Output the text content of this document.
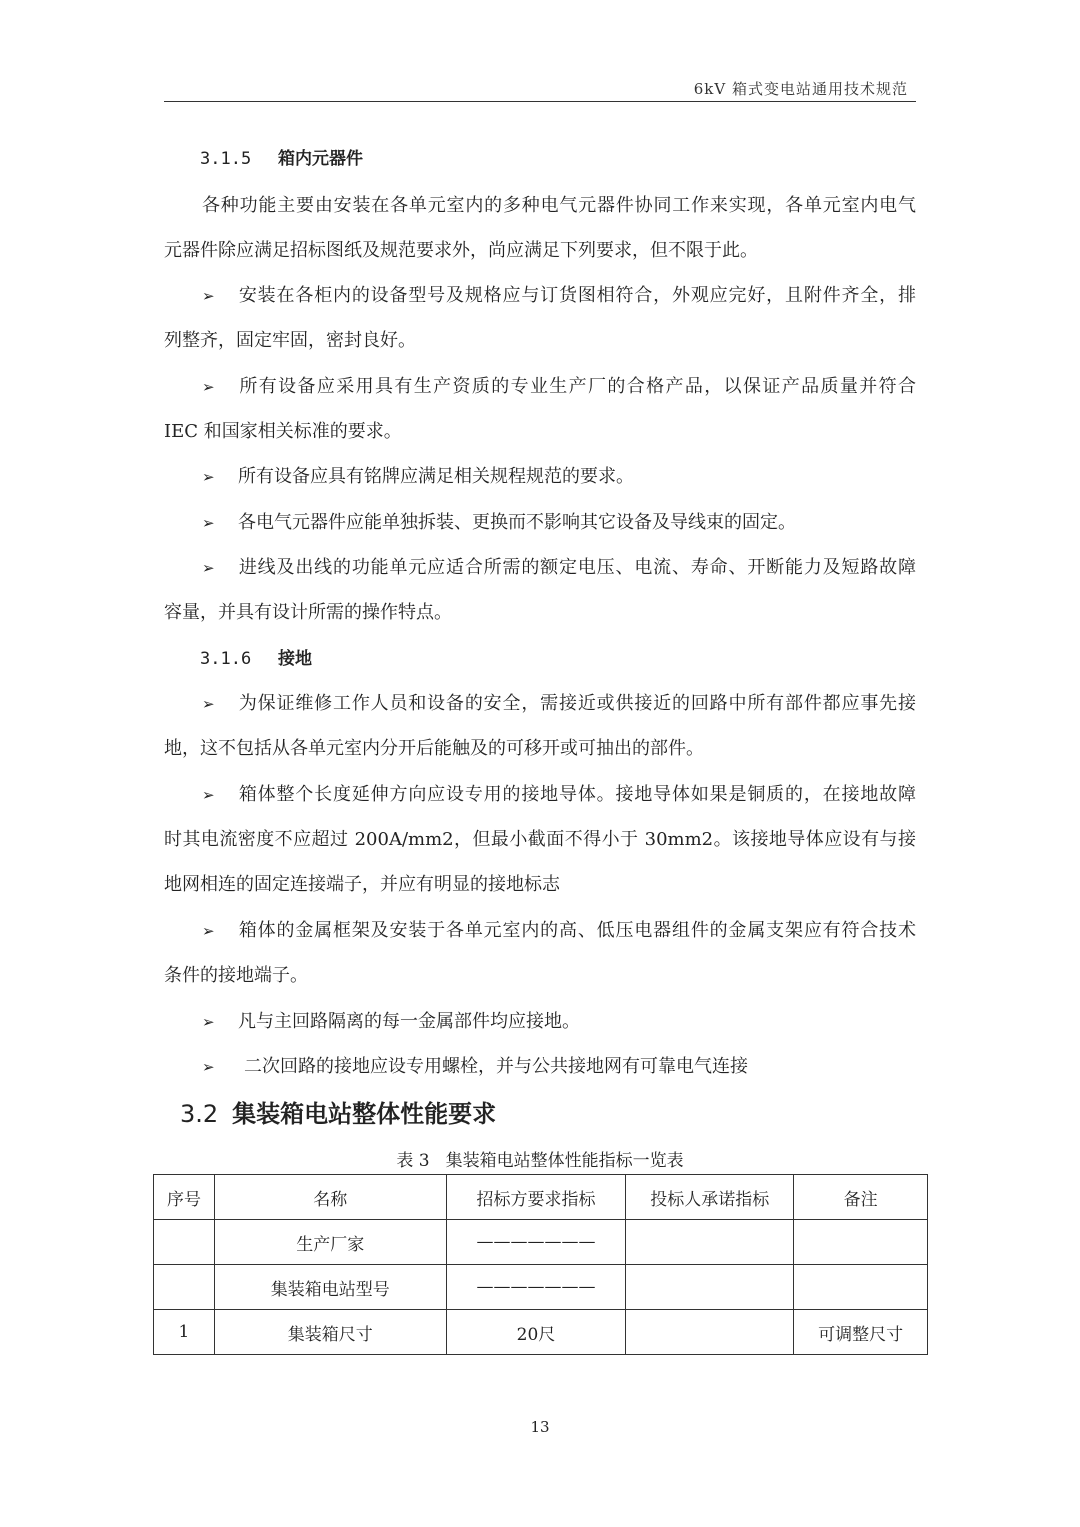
6kV 箱式变电站通用技术规范
3.1.5 箱内元器件
各种功能主要由安装在各单元室内的多种电气元器件协同工作来实现，各单元室内电气
元器件除应满足招标图纸及规范要求外，尚应满足下列要求，但不限于此。
➢ 安装在各柜内的设备型号及规格应与订货图相符合，外观应完好，且附件齐全，排
列整齐，固定牢固，密封良好。
➢ 所有设备应采用具有生产资质的专业生产厂的合格产品，以保证产品质量并符合
IEC 和国家相关标准的要求。
➢ 所有设备应具有铭牌应满足相关规程规范的要求。
➢ 各电气元器件应能单独拆装、更换而不影响其它设备及导线束的固定。
➢ 进线及出线的功能单元应适合所需的额定电压、电流、寿命、开断能力及短路故障
容量，并具有设计所需的操作特点。
3.1.6 接地
➢ 为保证维修工作人员和设备的安全，需接近或供接近的回路中所有部件都应事先接
地，这不包括从各单元室内分开后能触及的可移开或可抽出的部件。
➢ 箱体整个长度延伸方向应设专用的接地导体。接地导体如果是铜质的，在接地故障
时其电流密度不应超过 200A/mm2，但最小截面不得小于 30mm2。该接地导体应设有与接
地网相连的固定连接端子，并应有明显的接地标志
➢ 箱体的金属框架及安装于各单元室内的高、低压电器组件的金属支架应有符合技术
条件的接地端子。
➢ 凡与主回路隔离的每一金属部件均应接地。
➢ 二次回路的接地应设专用螺栓，并与公共接地网有可靠电气连接
3.2 集装箱电站整体性能要求
表 3 集装箱电站整体性能指标一览表
序号	名称	招标方要求指标	投标人承诺指标	备注
	生产厂家	———————		
	集装箱电站型号	———————		
1	集装箱尺寸	20尺		可调整尺寸
13
